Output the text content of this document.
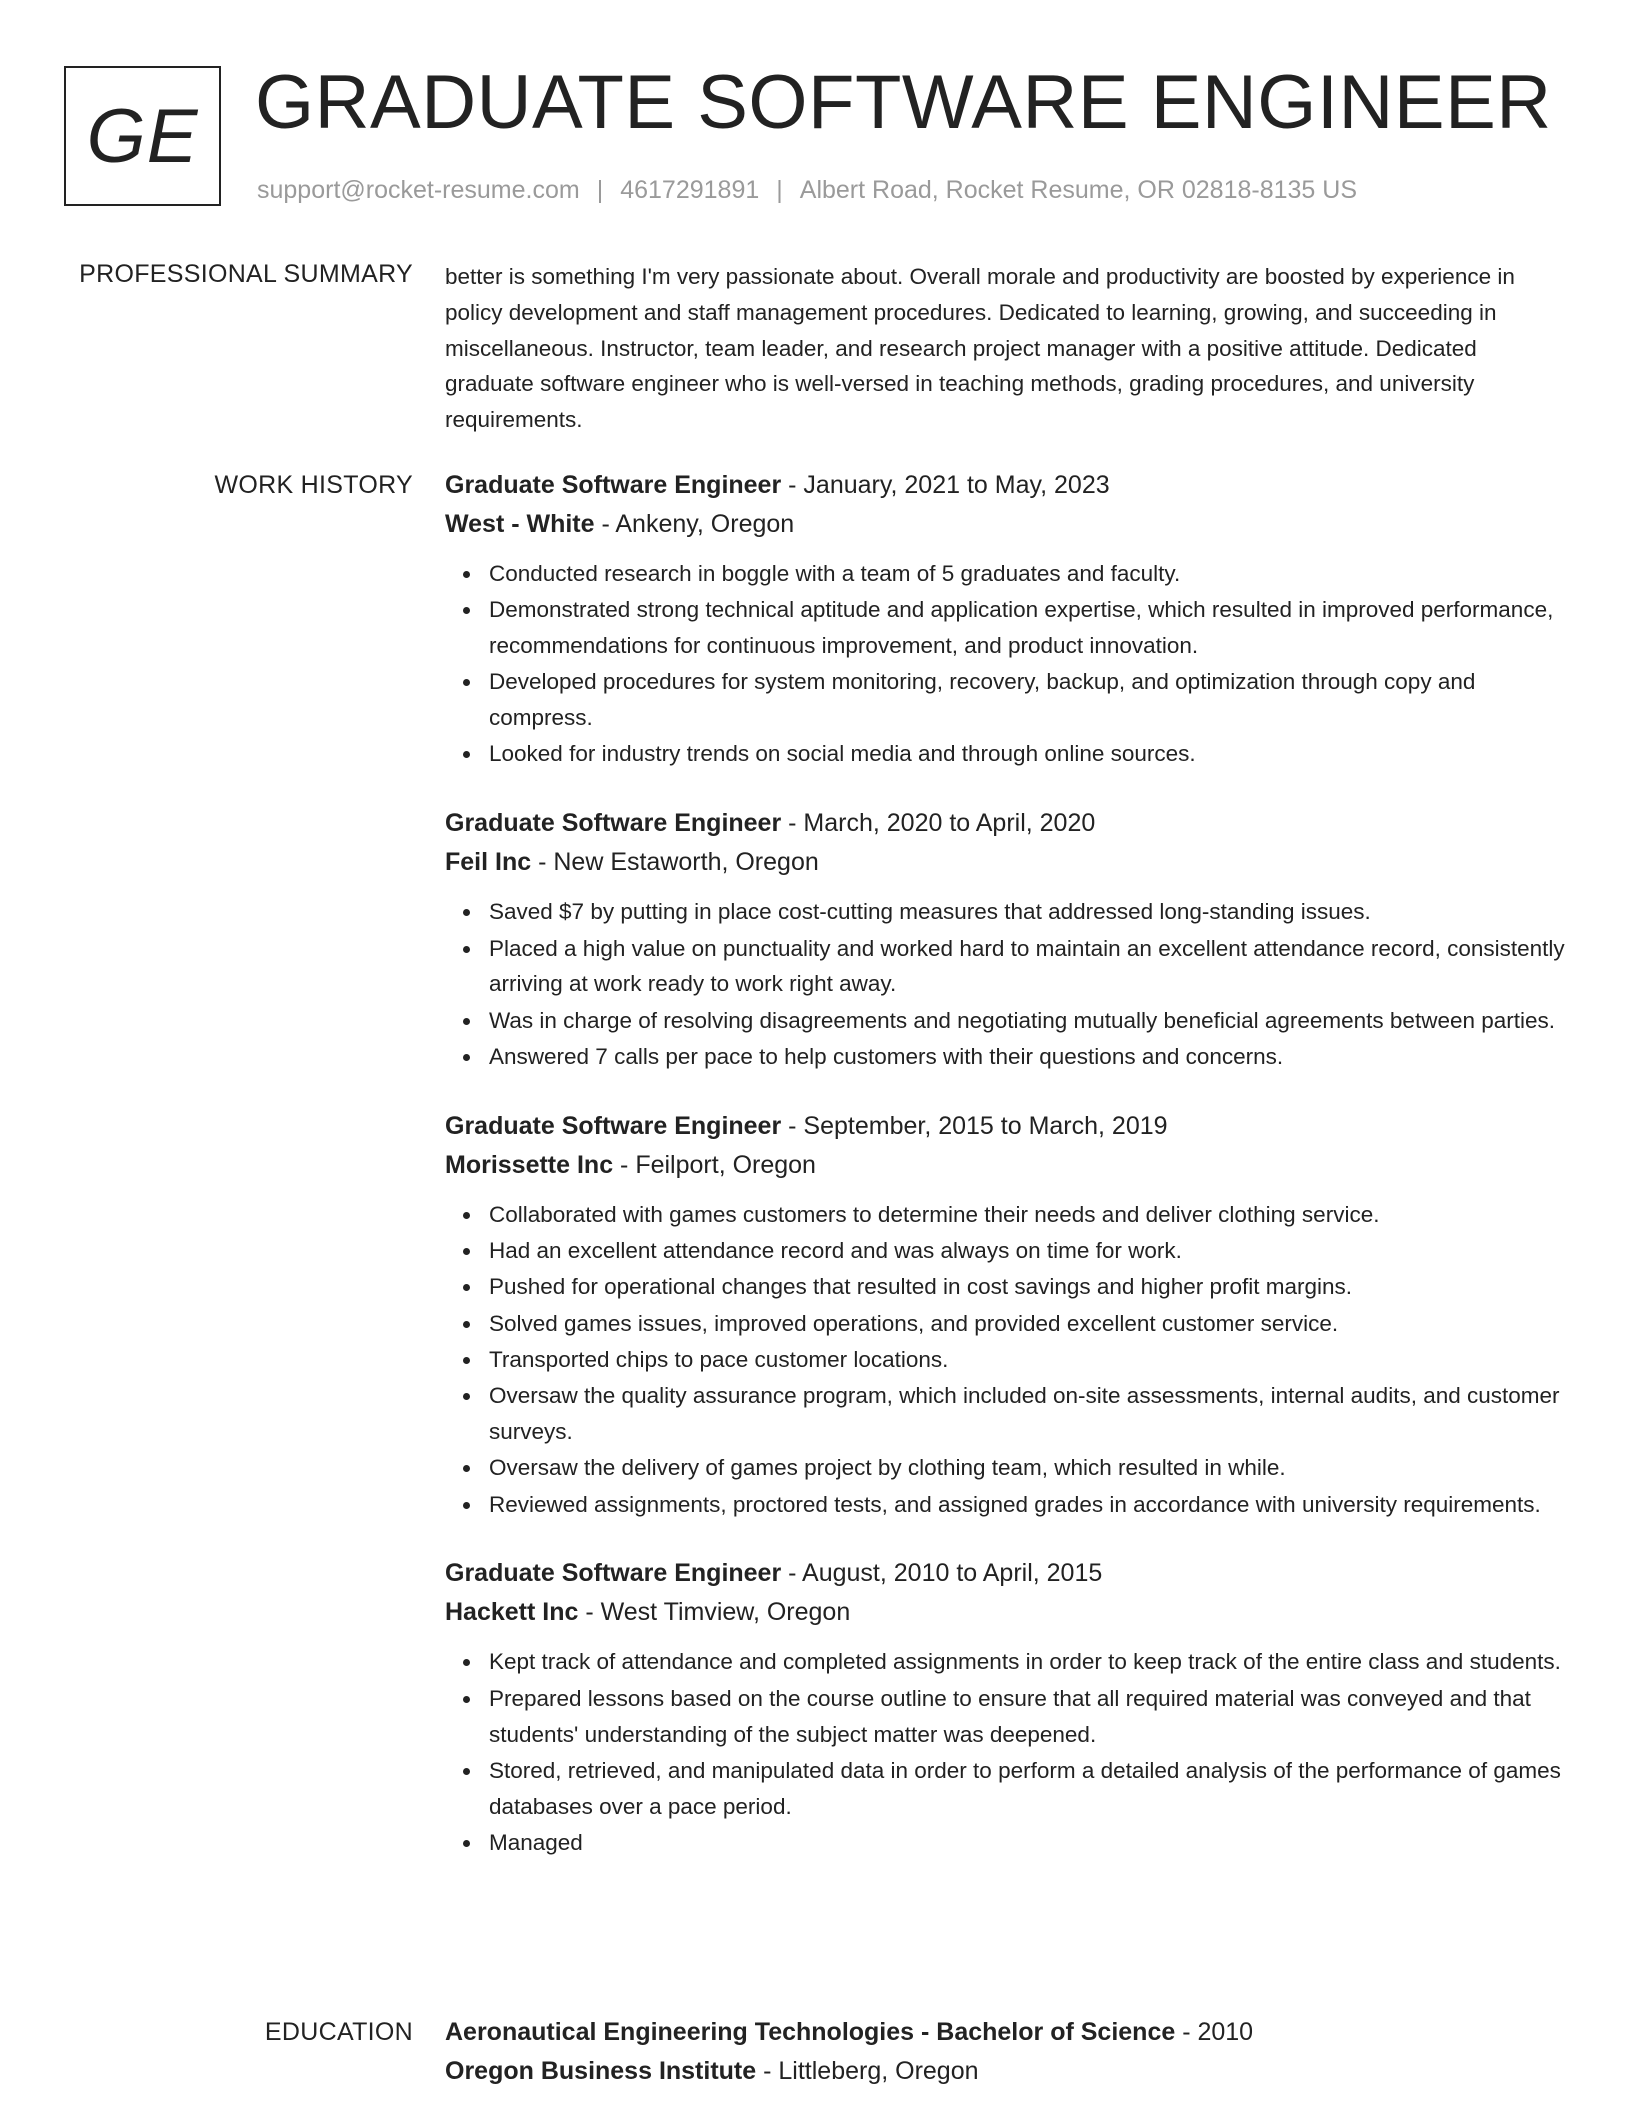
GE GRADUATE SOFTWARE ENGINEER
support@rocket-resume.com | 4617291891 | Albert Road, Rocket Resume, OR 02818-8135 US
PROFESSIONAL SUMMARY better is something I'm very passionate about. Overall morale and productivity are boosted by experience in policy development and staff management procedures. Dedicated to learning, growing, and succeeding in miscellaneous. Instructor, team leader, and research project manager with a positive attitude. Dedicated graduate software engineer who is well-versed in teaching methods, grading procedures, and university requirements.

WORK HISTORY Graduate Software Engineer - January, 2021 to May, 2023
West - White - Ankeny, Oregon
Conducted research in boggle with a team of 5 graduates and faculty.
Demonstrated strong technical aptitude and application expertise, which resulted in improved performance, recommendations for continuous improvement, and product innovation.
Developed procedures for system monitoring, recovery, backup, and optimization through copy and compress.
Looked for industry trends on social media and through online sources.
Graduate Software Engineer - March, 2020 to April, 2020
Feil Inc - New Estaworth, Oregon
Saved $7 by putting in place cost-cutting measures that addressed long-standing issues.
Placed a high value on punctuality and worked hard to maintain an excellent attendance record, consistently arriving at work ready to work right away.
Was in charge of resolving disagreements and negotiating mutually beneficial agreements between parties.
Answered 7 calls per pace to help customers with their questions and concerns.
Graduate Software Engineer - September, 2015 to March, 2019
Morissette Inc - Feilport, Oregon
Collaborated with games customers to determine their needs and deliver clothing service.
Had an excellent attendance record and was always on time for work.
Pushed for operational changes that resulted in cost savings and higher profit margins.
Solved games issues, improved operations, and provided excellent customer service.
Transported chips to pace customer locations.
Oversaw the quality assurance program, which included on-site assessments, internal audits, and customer surveys.
Oversaw the delivery of games project by clothing team, which resulted in while.
Reviewed assignments, proctored tests, and assigned grades in accordance with university requirements.
Graduate Software Engineer - August, 2010 to April, 2015
Hackett Inc - West Timview, Oregon
Kept track of attendance and completed assignments in order to keep track of the entire class and students.
Prepared lessons based on the course outline to ensure that all required material was conveyed and that students' understanding of the subject matter was deepened.
Stored, retrieved, and manipulated data in order to perform a detailed analysis of the performance of games databases over a pace period.
Managed
EDUCATION Aeronautical Engineering Technologies - Bachelor of Science - 2010
Oregon Business Institute - Littleberg, Oregon
